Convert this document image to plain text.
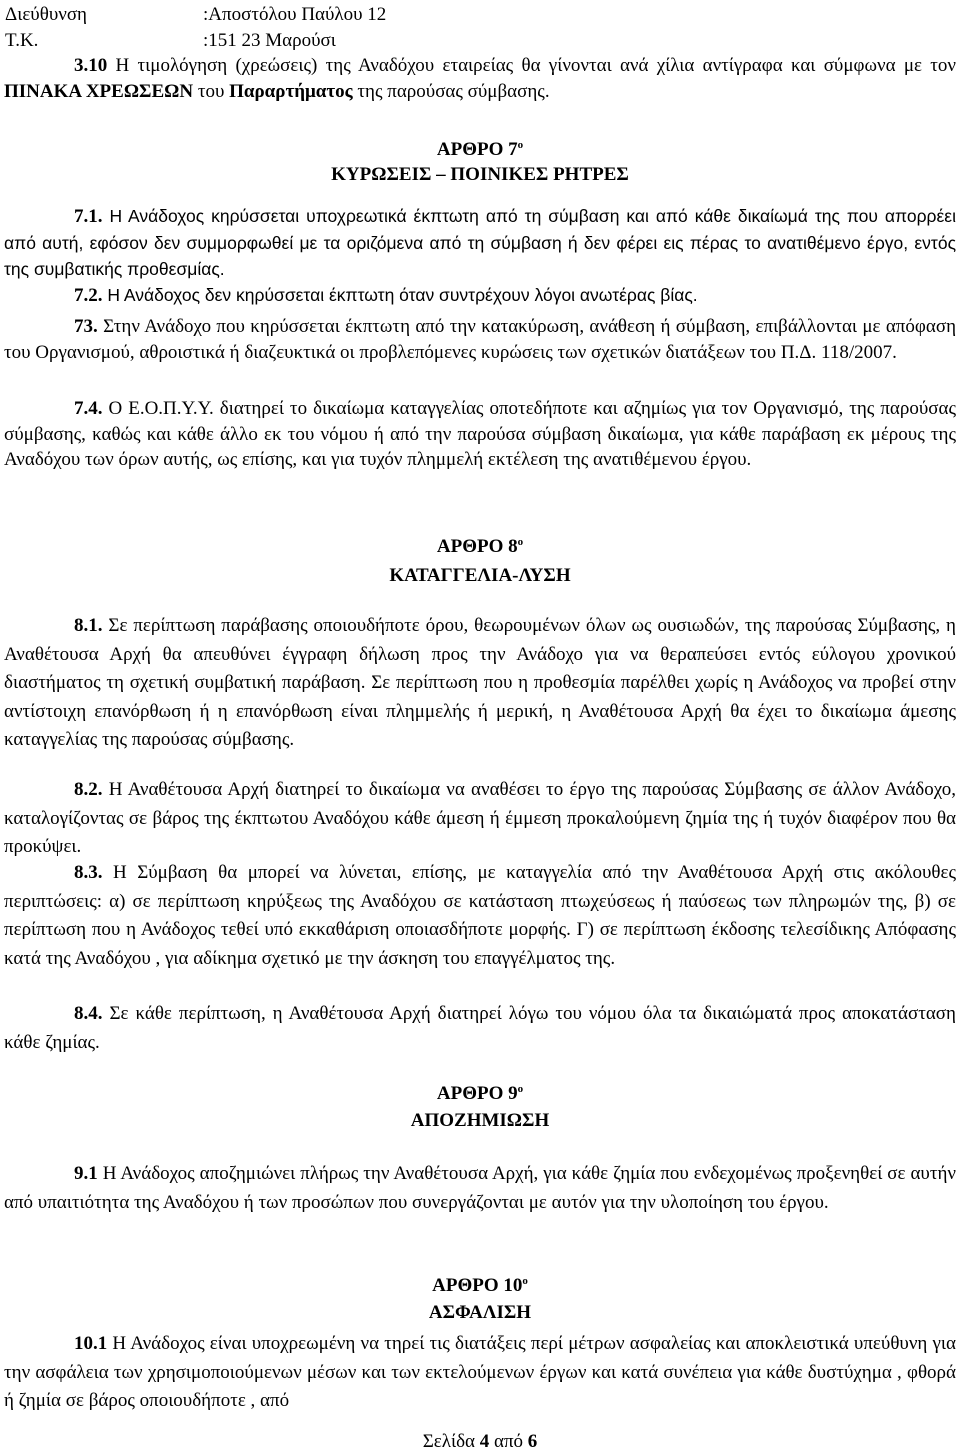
Διεύθυνση	:Αποστόλου Παύλου 12
Τ.Κ.	:151 23 Μαρούσι

3.10 Η τιμολόγηση (χρεώσεις) της Αναδόχου εταιρείας θα γίνονται ανά χίλια αντίγραφα και σύμφωνα με τον ΠΙΝΑΚΑ ΧΡΕΩΣΕΩΝ του Παραρτήματος της παρούσας σύμβασης.

ΑΡΘΡΟ $7^o$
ΚΥΡΩΣΕΙΣ – ΠΟΙΝΙΚΕΣ ΡΗΤΡΕΣ

7.1. Η Ανάδοχος κηρύσσεται υποχρεωτικά έκπτωτη από τη σύμβαση και από κάθε δικαίωμά της που απορρέει από αυτή, εφόσον δεν συμμορφωθεί με τα οριζόμενα από τη σύμβαση ή δεν φέρει εις πέρας το ανατιθέμενο έργο, εντός της συμβατικής προθεσμίας.

7.2. Η Ανάδοχος δεν κηρύσσεται έκπτωτη όταν συντρέχουν λόγοι ανωτέρας βίας.

73. Στην Ανάδοχο που κηρύσσεται έκπτωτη από την κατακύρωση, ανάθεση ή σύμβαση, επιβάλλονται με απόφαση του Οργανισμού, αθροιστικά ή διαζευκτικά οι προβλεπόμενες κυρώσεις των σχετικών διατάξεων του Π.Δ. 118/2007.

7.4. Ο Ε.Ο.Π.Υ.Υ. διατηρεί το δικαίωμα καταγγελίας οποτεδήποτε και αζημίως για τον Οργανισμό, της παρούσας σύμβασης, καθώς και κάθε άλλο εκ του νόμου ή από την παρούσα σύμβαση δικαίωμα, για κάθε παράβαση εκ μέρους της Αναδόχου των όρων αυτής, ως επίσης, και για τυχόν πλημμελή εκτέλεση της ανατιθέμενου έργου.

ΑΡΘΡΟ $8^o$
ΚΑΤΑΓΓΕΛΙΑ-ΛΥΣΗ

8.1. Σε περίπτωση παράβασης οποιουδήποτε όρου, θεωρουμένων όλων ως ουσιωδών, της παρούσας Σύμβασης, η Αναθέτουσα Αρχή θα απευθύνει έγγραφη δήλωση προς την Ανάδοχο για να θεραπεύσει εντός εύλογου χρονικού διαστήματος τη σχετική συμβατική παράβαση. Σε περίπτωση που η προθεσμία παρέλθει χωρίς η Ανάδοχος να προβεί στην αντίστοιχη επανόρθωση ή η επανόρθωση είναι πλημμελής ή μερική, η Αναθέτουσα Αρχή θα έχει το δικαίωμα άμεσης καταγγελίας της παρούσας σύμβασης.

8.2. Η Αναθέτουσα Αρχή διατηρεί το δικαίωμα να αναθέσει το έργο της παρούσας Σύμβασης σε άλλον Ανάδοχο, καταλογίζοντας σε βάρος της έκπτωτου Αναδόχου κάθε άμεση ή έμμεση προκαλούμενη ζημία της ή τυχόν διαφέρον που θα προκύψει.

8.3. Η Σύμβαση θα μπορεί να λύνεται, επίσης, με καταγγελία από την Αναθέτουσα Αρχή στις ακόλουθες περιπτώσεις: α) σε περίπτωση κηρύξεως της Αναδόχου σε κατάσταση πτωχεύσεως ή παύσεως των πληρωμών της, β) σε περίπτωση που η Ανάδοχος τεθεί υπό εκκαθάριση οποιασδήποτε μορφής. Γ) σε περίπτωση έκδοσης τελεσίδικης Απόφασης κατά της Αναδόχου , για αδίκημα σχετικό με την άσκηση του επαγγέλματος της.

8.4. Σε κάθε περίπτωση, η Αναθέτουσα Αρχή διατηρεί λόγω του νόμου όλα τα δικαιώματά προς αποκατάσταση κάθε ζημίας.

ΑΡΘΡΟ $9^o$
ΑΠΟΖΗΜΙΩΣΗ

9.1 Η Ανάδοχος αποζημιώνει πλήρως την Αναθέτουσα Αρχή, για κάθε ζημία που ενδεχομένως προξενηθεί σε αυτήν από υπαιτιότητα της Αναδόχου ή των προσώπων που συνεργάζονται με αυτόν για την υλοποίηση του έργου.

ΑΡΘΡΟ $10^o$
ΑΣΦΑΛΙΣΗ

10.1 Η Ανάδοχος είναι υποχρεωμένη να τηρεί τις διατάξεις περί μέτρων ασφαλείας και αποκλειστικά υπεύθυνη για την ασφάλεια των χρησιμοποιούμενων μέσων και των εκτελούμενων έργων και κατά συνέπεια για κάθε δυστύχημα , φθορά ή ζημία σε βάρος οποιουδήποτε , από

Σελίδα 4 από 6
